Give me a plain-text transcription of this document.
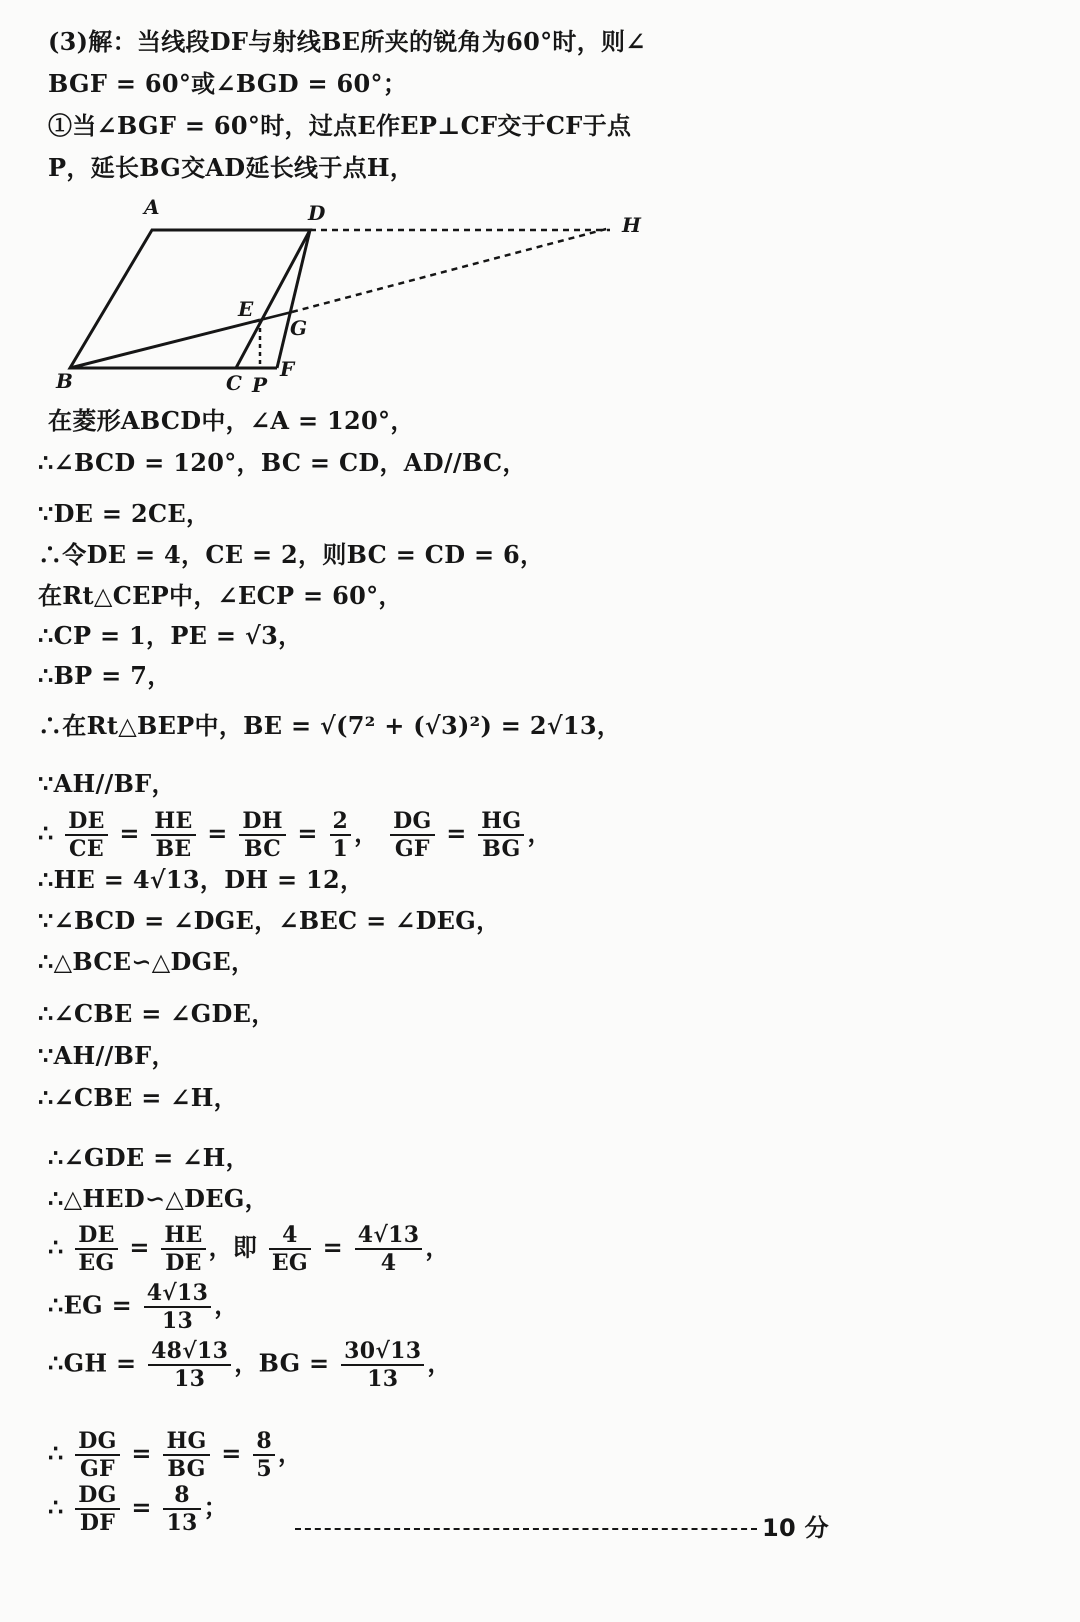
(3)解：当线段DF与射线BE所夹的锐角为60°时，则∠
BGF = 60°或∠BGD = 60°；
①当∠BGF = 60°时，过点E作EP⊥CF交于CF于点
P，延长BG交AD延长线于点H，
A	D	H
E
G
F
B	C P
在菱形ABCD中，∠A = 120°，
∴∠BCD = 120°，BC = CD，AD//BC，
∵DE = 2CE，
∴令DE = 4，CE = 2，则BC = CD = 6，
在Rt△CEP中，∠ECP = 60°，
∴CP = 1，PE = √3，
∴BP = 7，
∴在Rt△BEP中，BE = √(7² + (√3)²) = 2√13，
∵AH//BF，
∴ $\frac{DE}{CE} = \frac{HE}{BE} = \frac{DH}{BC} = \frac{2}{1}$ ， $\frac{DG}{GF} = \frac{HG}{BG}$ ，
∴HE = 4√13，DH = 12，
∵∠BCD = ∠DGE，∠BEC = ∠DEG，
∴△BCE∽△DGE，
∴∠CBE = ∠GDE，
∵AH//BF，
∴∠CBE = ∠H，
∴∠GDE = ∠H，
∴△HED∽△DEG，
∴ $\frac{DE}{EG} = \frac{HE}{DE}$ ，即 $\frac{4}{EG} = \frac{4√13}{4}$ ，
∴EG = $\frac{4√13}{13}$ ，
∴GH = $\frac{48√13}{13}$ ，BG = $\frac{30√13}{13}$ ，
∴ $\frac{DG}{GF} = \frac{HG}{BG} = \frac{8}{5}$ ，
∴ $\frac{DG}{DF} = \frac{8}{13}$ ；
10 分
